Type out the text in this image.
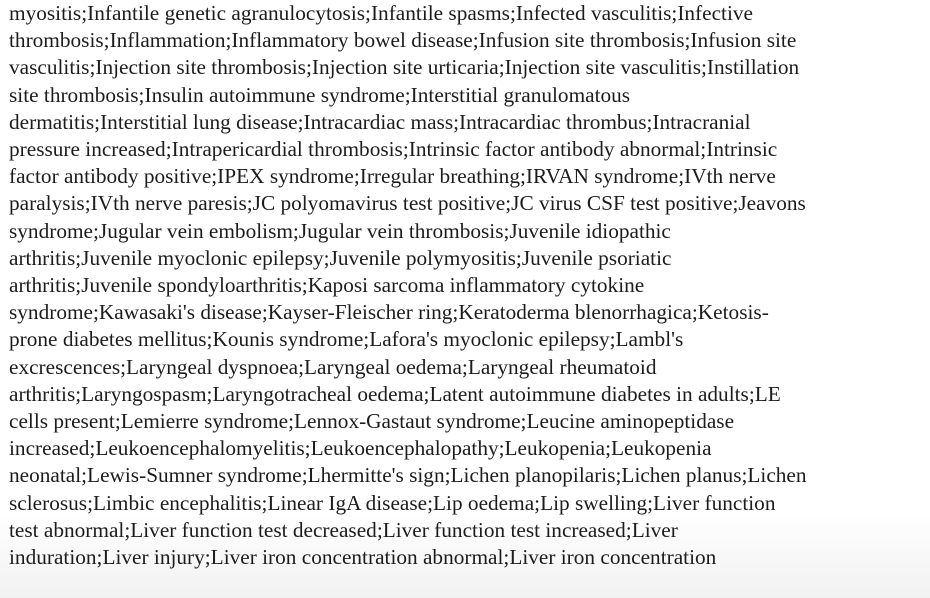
myositis;Infantile genetic agranulocytosis;Infantile spasms;Infected vasculitis;Infective
thrombosis;Inflammation;Inflammatory bowel disease;Infusion site thrombosis;Infusion site
vasculitis;Injection site thrombosis;Injection site urticaria;Injection site vasculitis;Instillation
site thrombosis;Insulin autoimmune syndrome;Interstitial granulomatous
dermatitis;Interstitial lung disease;Intracardiac mass;Intracardiac thrombus;Intracranial
pressure increased;Intrapericardial thrombosis;Intrinsic factor antibody abnormal;Intrinsic
factor antibody positive;IPEX syndrome;Irregular breathing;IRVAN syndrome;IVth nerve
paralysis;IVth nerve paresis;JC polyomavirus test positive;JC virus CSF test positive;Jeavons
syndrome;Jugular vein embolism;Jugular vein thrombosis;Juvenile idiopathic
arthritis;Juvenile myoclonic epilepsy;Juvenile polymyositis;Juvenile psoriatic
arthritis;Juvenile spondyloarthritis;Kaposi sarcoma inflammatory cytokine
syndrome;Kawasaki's disease;Kayser-Fleischer ring;Keratoderma blenorrhagica;Ketosis-
prone diabetes mellitus;Kounis syndrome;Lafora's myoclonic epilepsy;Lambl's
excrescences;Laryngeal dyspnoea;Laryngeal oedema;Laryngeal rheumatoid
arthritis;Laryngospasm;Laryngotracheal oedema;Latent autoimmune diabetes in adults;LE
cells present;Lemierre syndrome;Lennox-Gastaut syndrome;Leucine aminopeptidase
increased;Leukoencephalomyelitis;Leukoencephalopathy;Leukopenia;Leukopenia
neonatal;Lewis-Sumner syndrome;Lhermitte's sign;Lichen planopilaris;Lichen planus;Lichen
sclerosus;Limbic encephalitis;Linear IgA disease;Lip oedema;Lip swelling;Liver function
test abnormal;Liver function test decreased;Liver function test increased;Liver
induration;Liver injury;Liver iron concentration abnormal;Liver iron concentration
